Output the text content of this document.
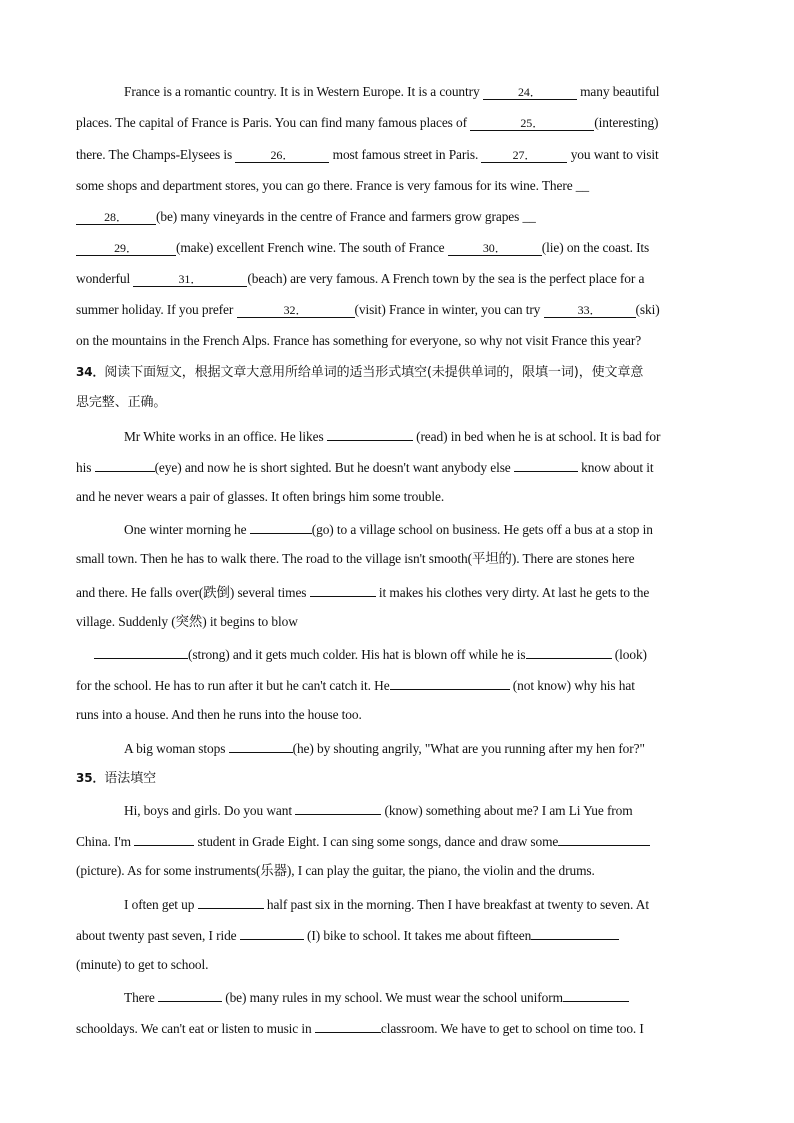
France is a romantic country. It is in Western Europe. It is a country	24．	many beautiful
places. The capital of France is Paris. You can find many famous places of	25．	(interesting)
there. The Champs-Elysees is	26．	most famous street in Paris.	27． you want to visit
some shops and department stores, you can go there. France is very famous for its wine. There __
28． (be) many vineyards in the centre of France and farmers grow grapes __
29．	(make) excellent French wine. The south of France	30．	(lie) on the coast. Its
wonderful	31．	(beach) are very famous. A French town by the sea is the perfect place for a
summer holiday. If you prefer	32．	(visit) France in winter, you can try	33．	(ski)
on the mountains in the French Alps. France has something for everyone, so why not visit France this year?
34．阅读下面短文，根据文章大意用所给单词的适当形式填空(未提供单词的，限填一词)，使文章意
思完整、正确。
Mr White works in an office. He likes	(read) in bed when he is at school. It is bad for
his	(eye) and now he is short sighted. But he doesn't want anybody else	know about it
and he never wears a pair of glasses. It often brings him some trouble.
One winter morning he	(go) to a village school on business. He gets off a bus at a stop in
small town. Then he has to walk there. The road to the village isn't smooth(平坦的). There are stones here
and there. He falls over(跌倒) several times	it makes his clothes very dirty. At last he gets to the
village. Suddenly (突然) it begins to blow
(strong) and it gets much colder. His hat is blown off while he is	(look)
for the school. He has to run after it but he can't catch it. He	(not know) why his hat
runs into a house. And then he runs into the house too.
A big woman stops	(he) by shouting angrily, "What are you running after my hen for?"
35．语法填空
Hi, boys and girls. Do you want	(know) something about me? I am Li Yue from
China. I'm	student in Grade Eight. I can sing some songs, dance and draw some
(picture). As for some instruments(乐器), I can play the guitar, the piano, the violin and the drums.
I often get up	half past six in the morning. Then I have breakfast at twenty to seven. At
about twenty past seven, I ride	(I) bike to school. It takes me about fifteen
(minute) to get to school.
There	(be) many rules in my school. We must wear the school uniform
schooldays. We can't eat or listen to music in	classroom. We have to get to school on time too. I
